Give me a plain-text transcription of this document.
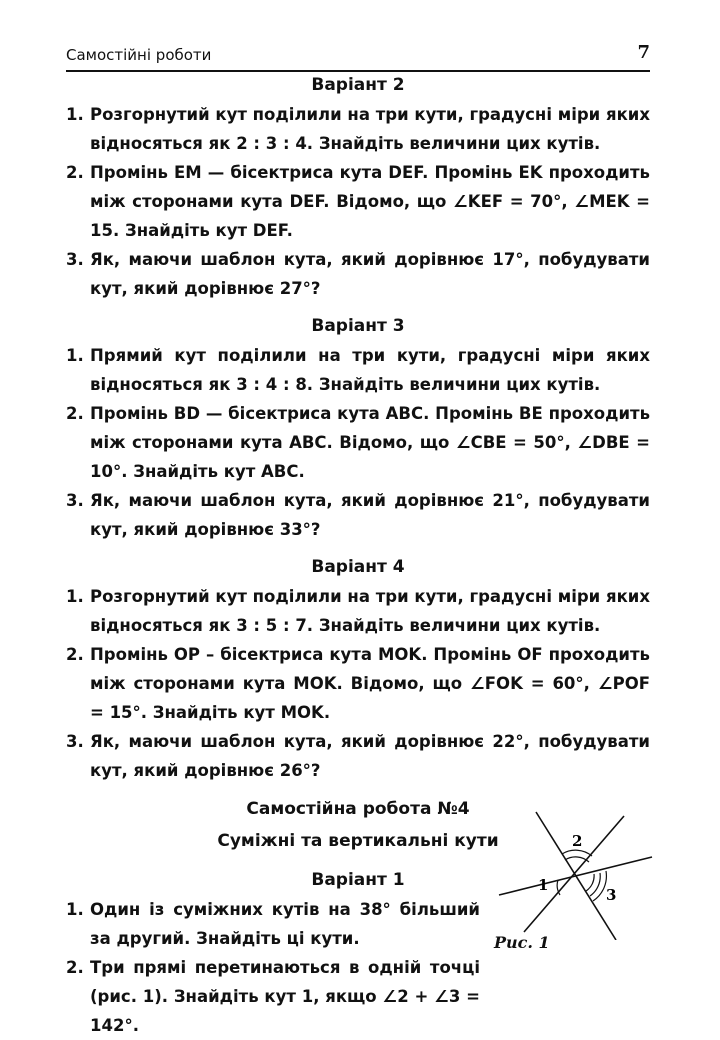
Самостійні роботи	7
Варіант 2
1. Розгорнутий кут поділили на три кути, градусні міри яких відносяться як 2 : 3 : 4. Знайдіть величини цих кутів.
2. Промінь EM — бісектриса кута DEF. Промінь EK проходить між сторонами кута DEF. Відомо, що ∠KEF = 70°, ∠MEK = 15. Знайдіть кут DEF.
3. Як, маючи шаблон кута, який дорівнює 17°, побудувати кут, який дорівнює 27°?
Варіант 3
1. Прямий кут поділили на три кути, градусні міри яких відносяться як 3 : 4 : 8. Знайдіть величини цих кутів.
2. Промінь BD — бісектриса кута ABC. Промінь BE проходить між сторонами кута ABC. Відомо, що ∠CBE = 50°, ∠DBE = 10°. Знайдіть кут ABC.
3. Як, маючи шаблон кута, який дорівнює 21°, побудувати кут, який дорівнює 33°?
Варіант 4
1. Розгорнутий кут поділили на три кути, градусні міри яких відносяться як 3 : 5 : 7. Знайдіть величини цих кутів.
2. Промінь OP – бісектриса кута MOK. Промінь OF проходить між сторонами кута MOK. Відомо, що ∠FOK = 60°, ∠POF = 15°. Знайдіть кут MOK.
3. Як, маючи шаблон кута, який дорівнює 22°, побудувати кут, який дорівнює 26°?
Самостійна робота №4
Суміжні та вертикальні кути
Варіант 1
1. Один із суміжних кутів на 38° більший за другий. Знайдіть ці кути.
2. Три прямі перетинаються в одній точці (рис. 1). Знайдіть кут 1, якщо ∠2 + ∠3 = 142°.
1
2
3
Рис. 1
